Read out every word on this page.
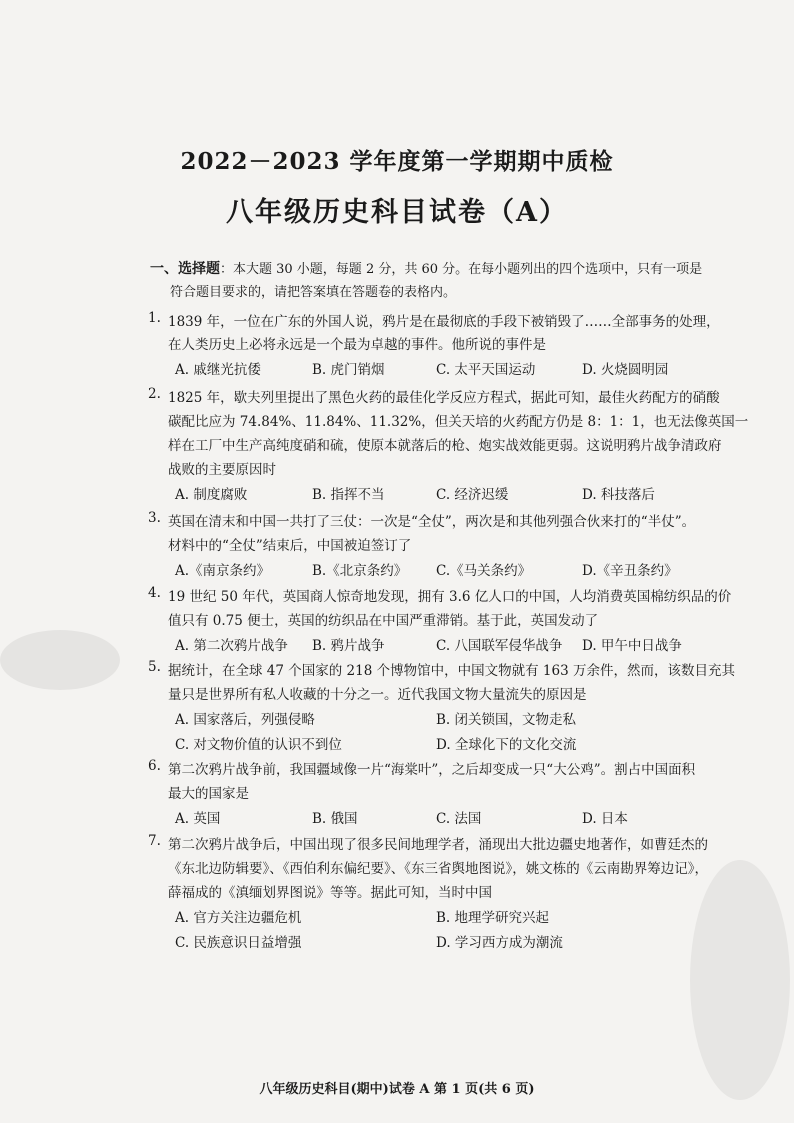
2022－2023 学年度第一学期期中质检
八年级历史科目试卷（A）
一、选择题：本大题 30 小题，每题 2 分，共 60 分。在每小题列出的四个选项中，只有一项是
符合题目要求的，请把答案填在答题卷的表格内。
1. 1839 年，一位在广东的外国人说，鸦片是在最彻底的手段下被销毁了……全部事务的处理，
在人类历史上必将永远是一个最为卓越的事件。他所说的事件是
A. 戚继光抗倭	B. 虎门销烟	C. 太平天国运动	D. 火烧圆明园
2. 1825 年，歇夫列里提出了黑色火药的最佳化学反应方程式，据此可知，最佳火药配方的硝酸
碳配比应为 74.84%、11.84%、11.32%，但关天培的火药配方仍是 8：1：1，也无法像英国一
样在工厂中生产高纯度硝和硫，使原本就落后的枪、炮实战效能更弱。这说明鸦片战争清政府
战败的主要原因时
A. 制度腐败	B. 指挥不当	C. 经济迟缓	D. 科技落后
3. 英国在清末和中国一共打了三仗：一次是“全仗”，两次是和其他列强合伙来打的“半仗”。
材料中的“全仗”结束后，中国被迫签订了
A.《南京条约》	B.《北京条约》 C.《马关条约》	D.《辛丑条约》
4. 19 世纪 50 年代，英国商人惊奇地发现，拥有 3.6 亿人口的中国，人均消费英国棉纺织品的价
值只有 0.75 便士，英国的纺织品在中国严重滞销。基于此，英国发动了
A. 第二次鸦片战争 B. 鸦片战争	C. 八国联军侵华战争 D. 甲午中日战争
5. 据统计，在全球 47 个国家的 218 个博物馆中，中国文物就有 163 万余件，然而，该数目充其
量只是世界所有私人收藏的十分之一。近代我国文物大量流失的原因是
A. 国家落后，列强侵略	B. 闭关锁国，文物走私
C. 对文物价值的认识不到位	D. 全球化下的文化交流
6. 第二次鸦片战争前，我国疆域像一片“海棠叶”，之后却变成一只“大公鸡”。割占中国面积
最大的国家是
A. 英国	B. 俄国	C. 法国	D. 日本
7. 第二次鸦片战争后，中国出现了很多民间地理学者，涌现出大批边疆史地著作，如曹廷杰的
《东北边防辑要》、《西伯利东偏纪要》、《东三省舆地图说》，姚文栋的《云南勘界筹边记》，
薛福成的《滇缅划界图说》等等。据此可知，当时中国
A. 官方关注边疆危机	B. 地理学研究兴起
C. 民族意识日益增强	D. 学习西方成为潮流
八年级历史科目(期中)试卷 A 第 1 页(共 6 页)
